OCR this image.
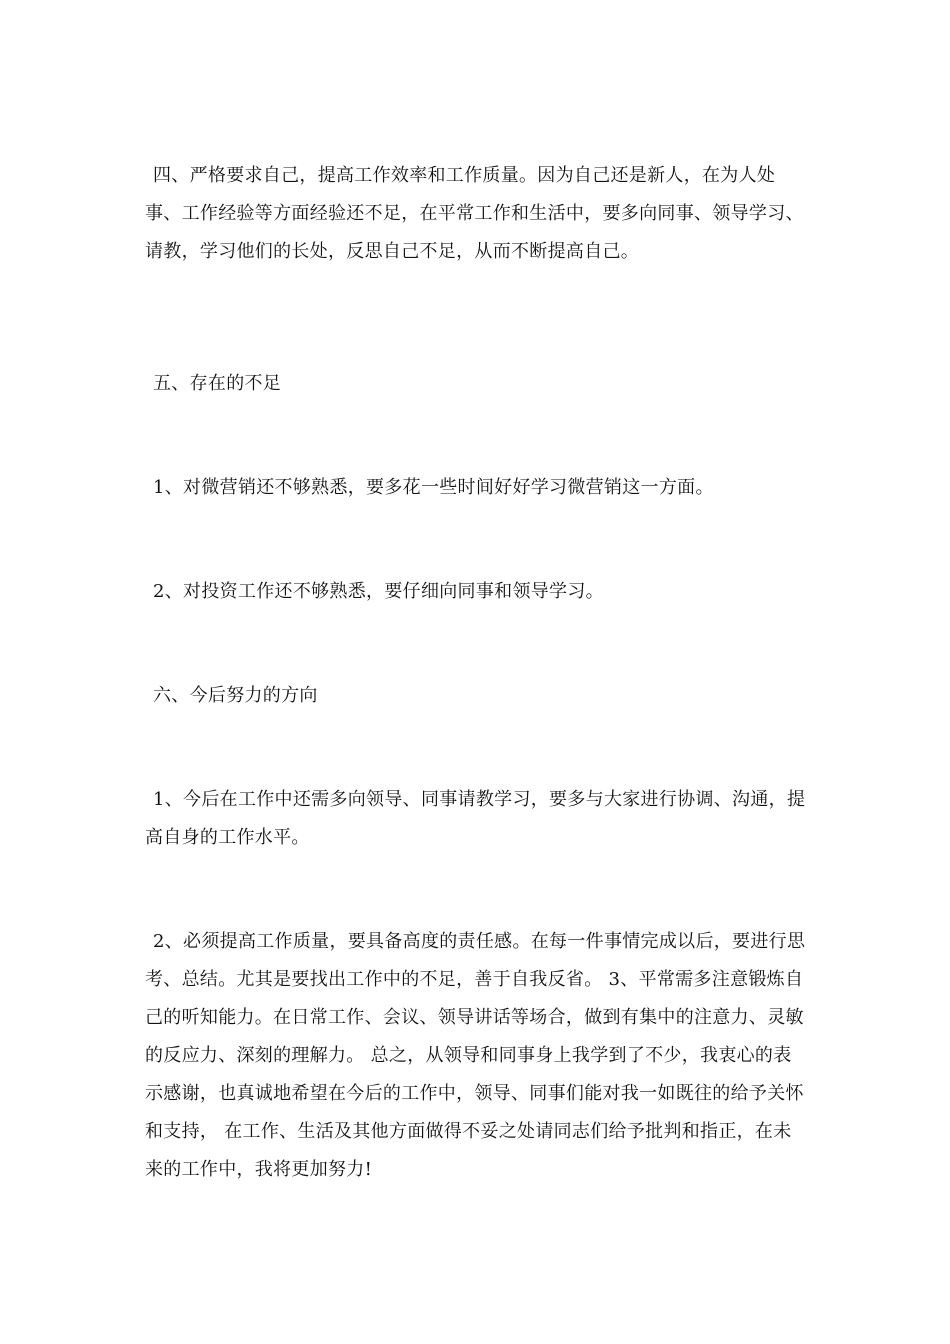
四、严格要求自己，提高工作效率和工作质量。因为自己还是新人，在为人处事、工作经验等方面经验还不足，在平常工作和生活中，要多向同事、领导学习、请教，学习他们的长处，反思自己不足，从而不断提高自己。

五、存在的不足

1、对微营销还不够熟悉，要多花一些时间好好学习微营销这一方面。

2、对投资工作还不够熟悉，要仔细向同事和领导学习。

六、今后努力的方向

1、今后在工作中还需多向领导、同事请教学习，要多与大家进行协调、沟通，提高自身的工作水平。

2、必须提高工作质量，要具备高度的责任感。在每一件事情完成以后，要进行思考、总结。尤其是要找出工作中的不足，善于自我反省。 3、平常需多注意锻炼自己的听知能力。在日常工作、会议、领导讲话等场合，做到有集中的注意力、灵敏的反应力、深刻的理解力。 总之，从领导和同事身上我学到了不少，我衷心的表示感谢，也真诚地希望在今后的工作中，领导、同事们能对我一如既往的给予关怀和支持， 在工作、生活及其他方面做得不妥之处请同志们给予批判和指正，在未来的工作中，我将更加努力!
